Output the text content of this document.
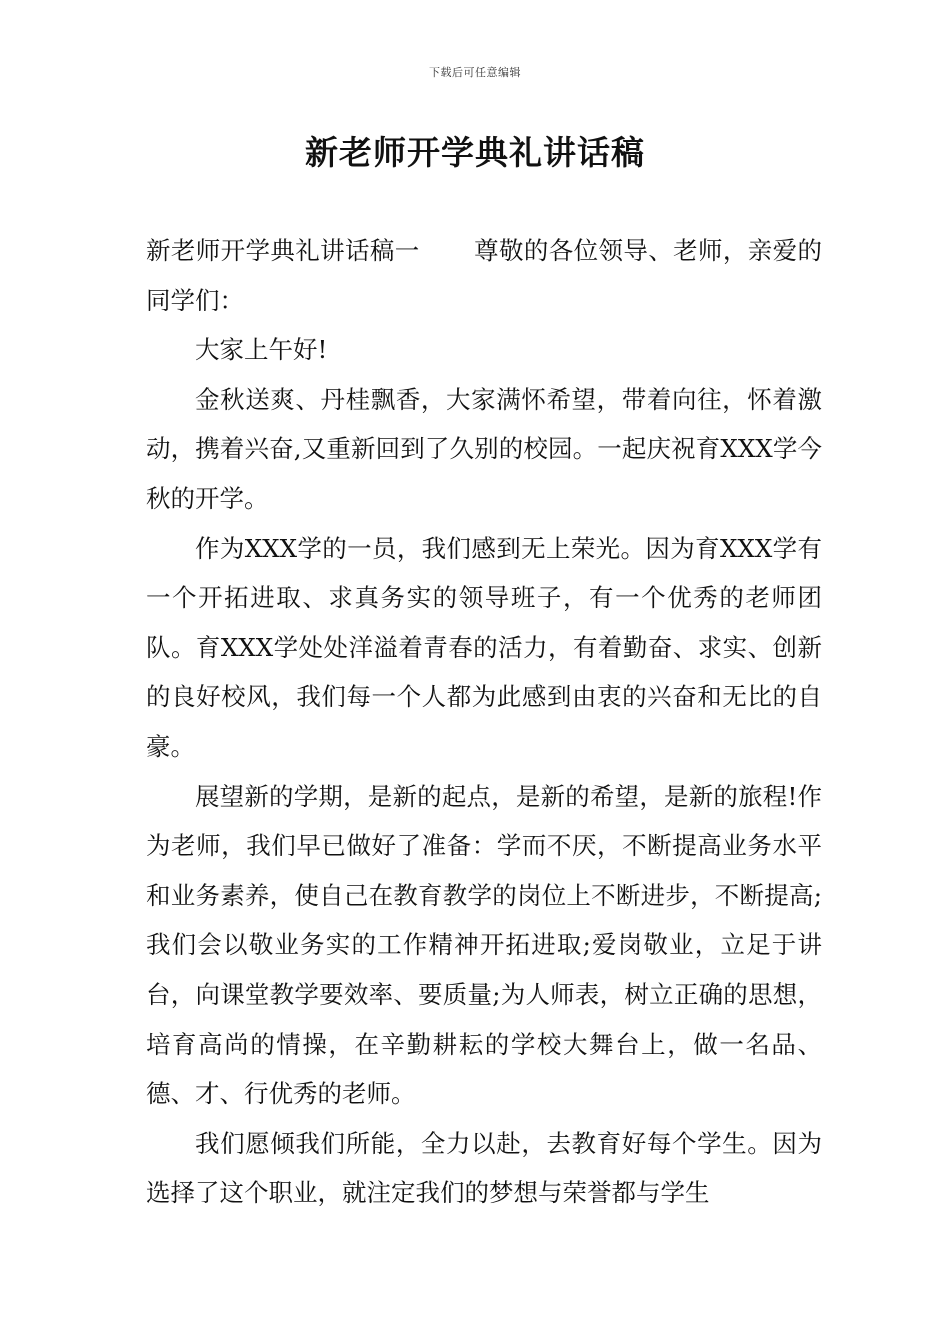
下载后可任意编辑
新老师开学典礼讲话稿

新老师开学典礼讲话稿一 尊敬的各位领导、老师，亲爱的同学们：

大家上午好!

金秋送爽、丹桂飘香，大家满怀希望，带着向往，怀着激动，携着兴奋,又重新回到了久别的校园。一起庆祝育XXX学今秋的开学。

作为XXX学的一员，我们感到无上荣光。因为育XXX学有一个开拓进取、求真务实的领导班子，有一个优秀的老师团队。育XXX学处处洋溢着青春的活力，有着勤奋、求实、创新的良好校风，我们每一个人都为此感到由衷的兴奋和无比的自豪。

展望新的学期，是新的起点，是新的希望，是新的旅程!作为老师，我们早已做好了准备：学而不厌，不断提高业务水平和业务素养，使自己在教育教学的岗位上不断进步，不断提高;我们会以敬业务实的工作精神开拓进取;爱岗敬业，立足于讲台，向课堂教学要效率、要质量;为人师表，树立正确的思想，培育高尚的情操，在辛勤耕耘的学校大舞台上，做一名品、德、才、行优秀的老师。

我们愿倾我们所能，全力以赴，去教育好每个学生。因为选择了这个职业，就注定我们的梦想与荣誉都与学生
